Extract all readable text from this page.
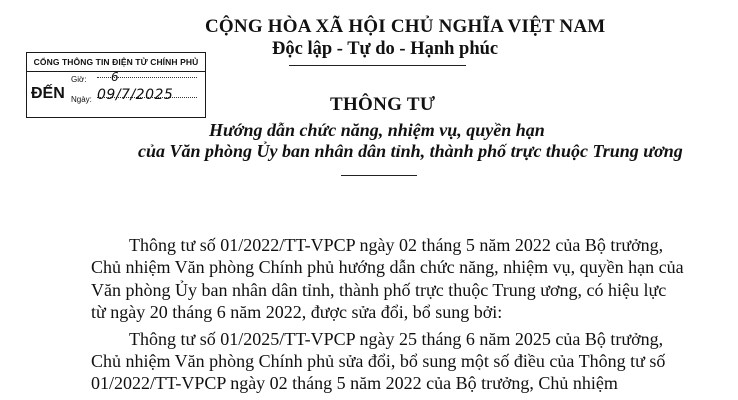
CỘNG HÒA XÃ HỘI CHỦ NGHĨA VIỆT NAM
Độc lập - Tự do - Hạnh phúc
CỔNG THÔNG TIN ĐIỆN TỬ CHÍNH PHỦ
ĐẾN
Giờ: 6
Ngày: 09/7/2025	THÔNG TƯ
Hướng dẫn chức năng, nhiệm vụ, quyền hạn
của Văn phòng Ủy ban nhân dân tỉnh, thành phố trực thuộc Trung ương
Thông tư số 01/2022/TT-VPCP ngày 02 tháng 5 năm 2022 của Bộ trưởng,
Chủ nhiệm Văn phòng Chính phủ hướng dẫn chức năng, nhiệm vụ, quyền hạn của
Văn phòng Ủy ban nhân dân tỉnh, thành phố trực thuộc Trung ương, có hiệu lực
từ ngày 20 tháng 6 năm 2022, được sửa đổi, bổ sung bởi:
Thông tư số 01/2025/TT-VPCP ngày 25 tháng 6 năm 2025 của Bộ trưởng,
Chủ nhiệm Văn phòng Chính phủ sửa đổi, bổ sung một số điều của Thông tư số
01/2022/TT-VPCP ngày 02 tháng 5 năm 2022 của Bộ trưởng, Chủ nhiệm
